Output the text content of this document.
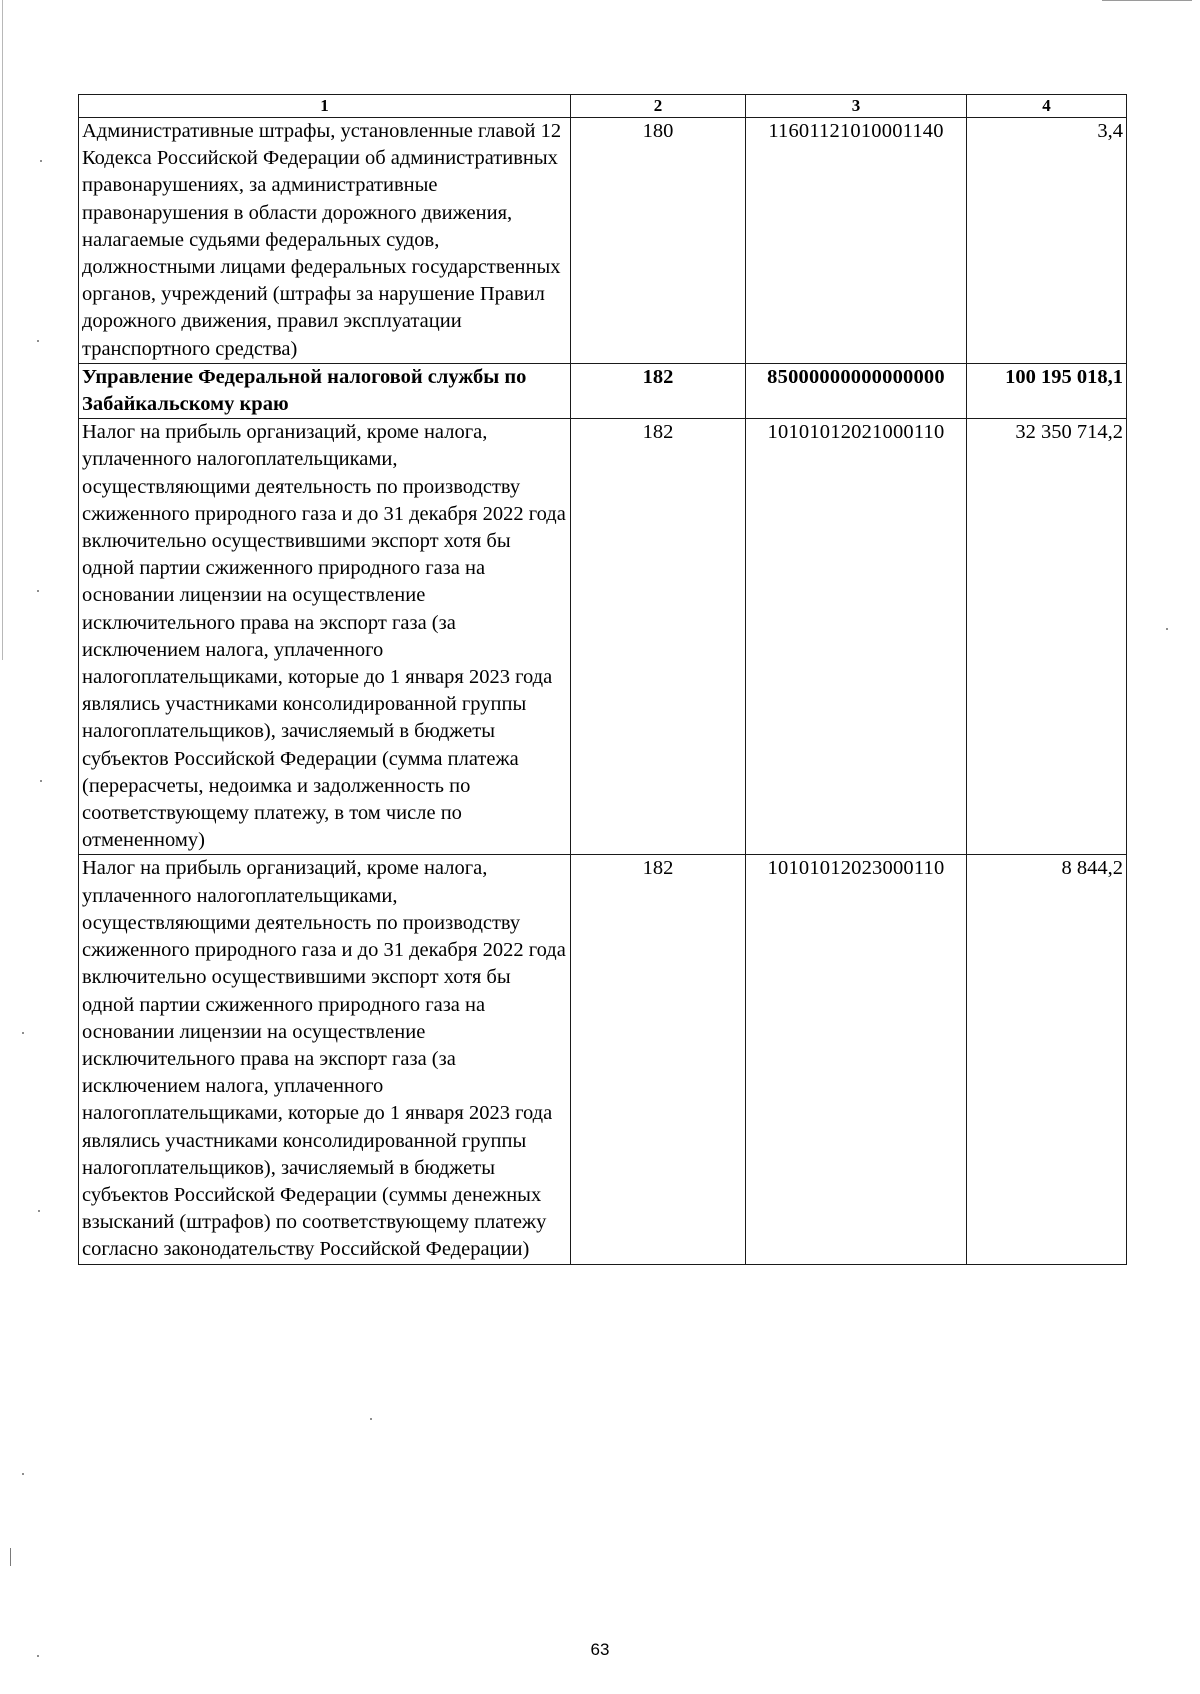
1	2	3	4
Административные штрафы, установленные главой 12 Кодекса Российской Федерации об административных правонарушениях, за административные правонарушения в области дорожного движения, налагаемые судьями федеральных судов, должностными лицами федеральных государственных органов, учреждений (штрафы за нарушение Правил дорожного движения, правил эксплуатации транспортного средства)	180	11601121010001140	3,4
Управление Федеральной налоговой службы по Забайкальскому краю	182	85000000000000000	100 195 018,1
Налог на прибыль организаций, кроме налога, уплаченного налогоплательщиками, осуществляющими деятельность по производству сжиженного природного газа и до 31 декабря 2022 года включительно осуществившими экспорт хотя бы одной партии сжиженного природного газа на основании лицензии на осуществление исключительного права на экспорт газа (за исключением налога, уплаченного налогоплательщиками, которые до 1 января 2023 года являлись участниками консолидированной группы налогоплательщиков), зачисляемый в бюджеты субъектов Российской Федерации (сумма платежа (перерасчеты, недоимка и задолженность по соответствующему платежу, в том числе по отмененному)	182	10101012021000110	32 350 714,2
Налог на прибыль организаций, кроме налога, уплаченного налогоплательщиками, осуществляющими деятельность по производству сжиженного природного газа и до 31 декабря 2022 года включительно осуществившими экспорт хотя бы одной партии сжиженного природного газа на основании лицензии на осуществление исключительного права на экспорт газа (за исключением налога, уплаченного налогоплательщиками, которые до 1 января 2023 года являлись участниками консолидированной группы налогоплательщиков), зачисляемый в бюджеты субъектов Российской Федерации (суммы денежных взысканий (штрафов) по соответствующему платежу согласно законодательству Российской Федерации)	182	10101012023000110	8 844,2
63
